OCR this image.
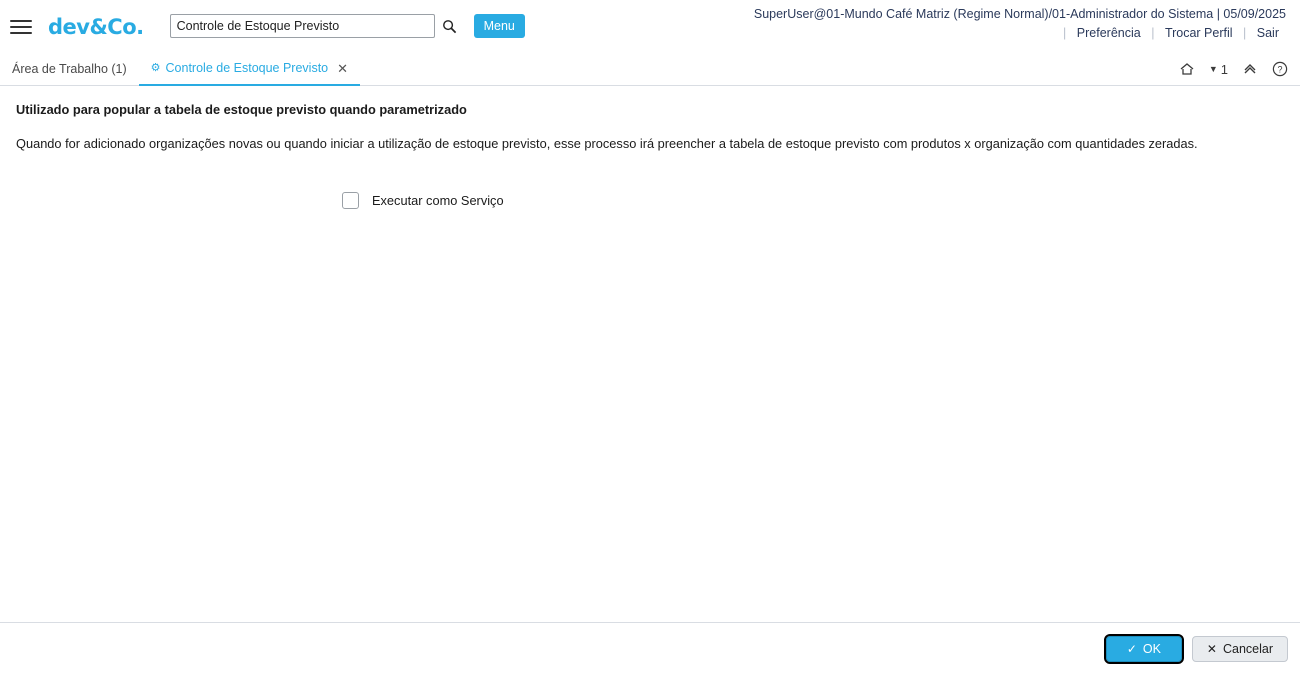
dev&Co.
Controle de Estoque Previsto	Menu
SuperUser@01-Mundo Café Matriz (Regime Normal)/01-Administrador do Sistema | 05/09/2025
| Preferência | Trocar Perfil | Sair
Área de Trabalho (1) ⚙ Controle de Estoque Previsto ✕	▼ 1	?
Utilizado para popular a tabela de estoque previsto quando parametrizado
Quando for adicionado organizações novas ou quando iniciar a utilização de estoque previsto, esse processo irá preencher a tabela de estoque previsto com produtos x organização com quantidades zeradas.
Executar como Serviço
✓ OK	✕ Cancelar
